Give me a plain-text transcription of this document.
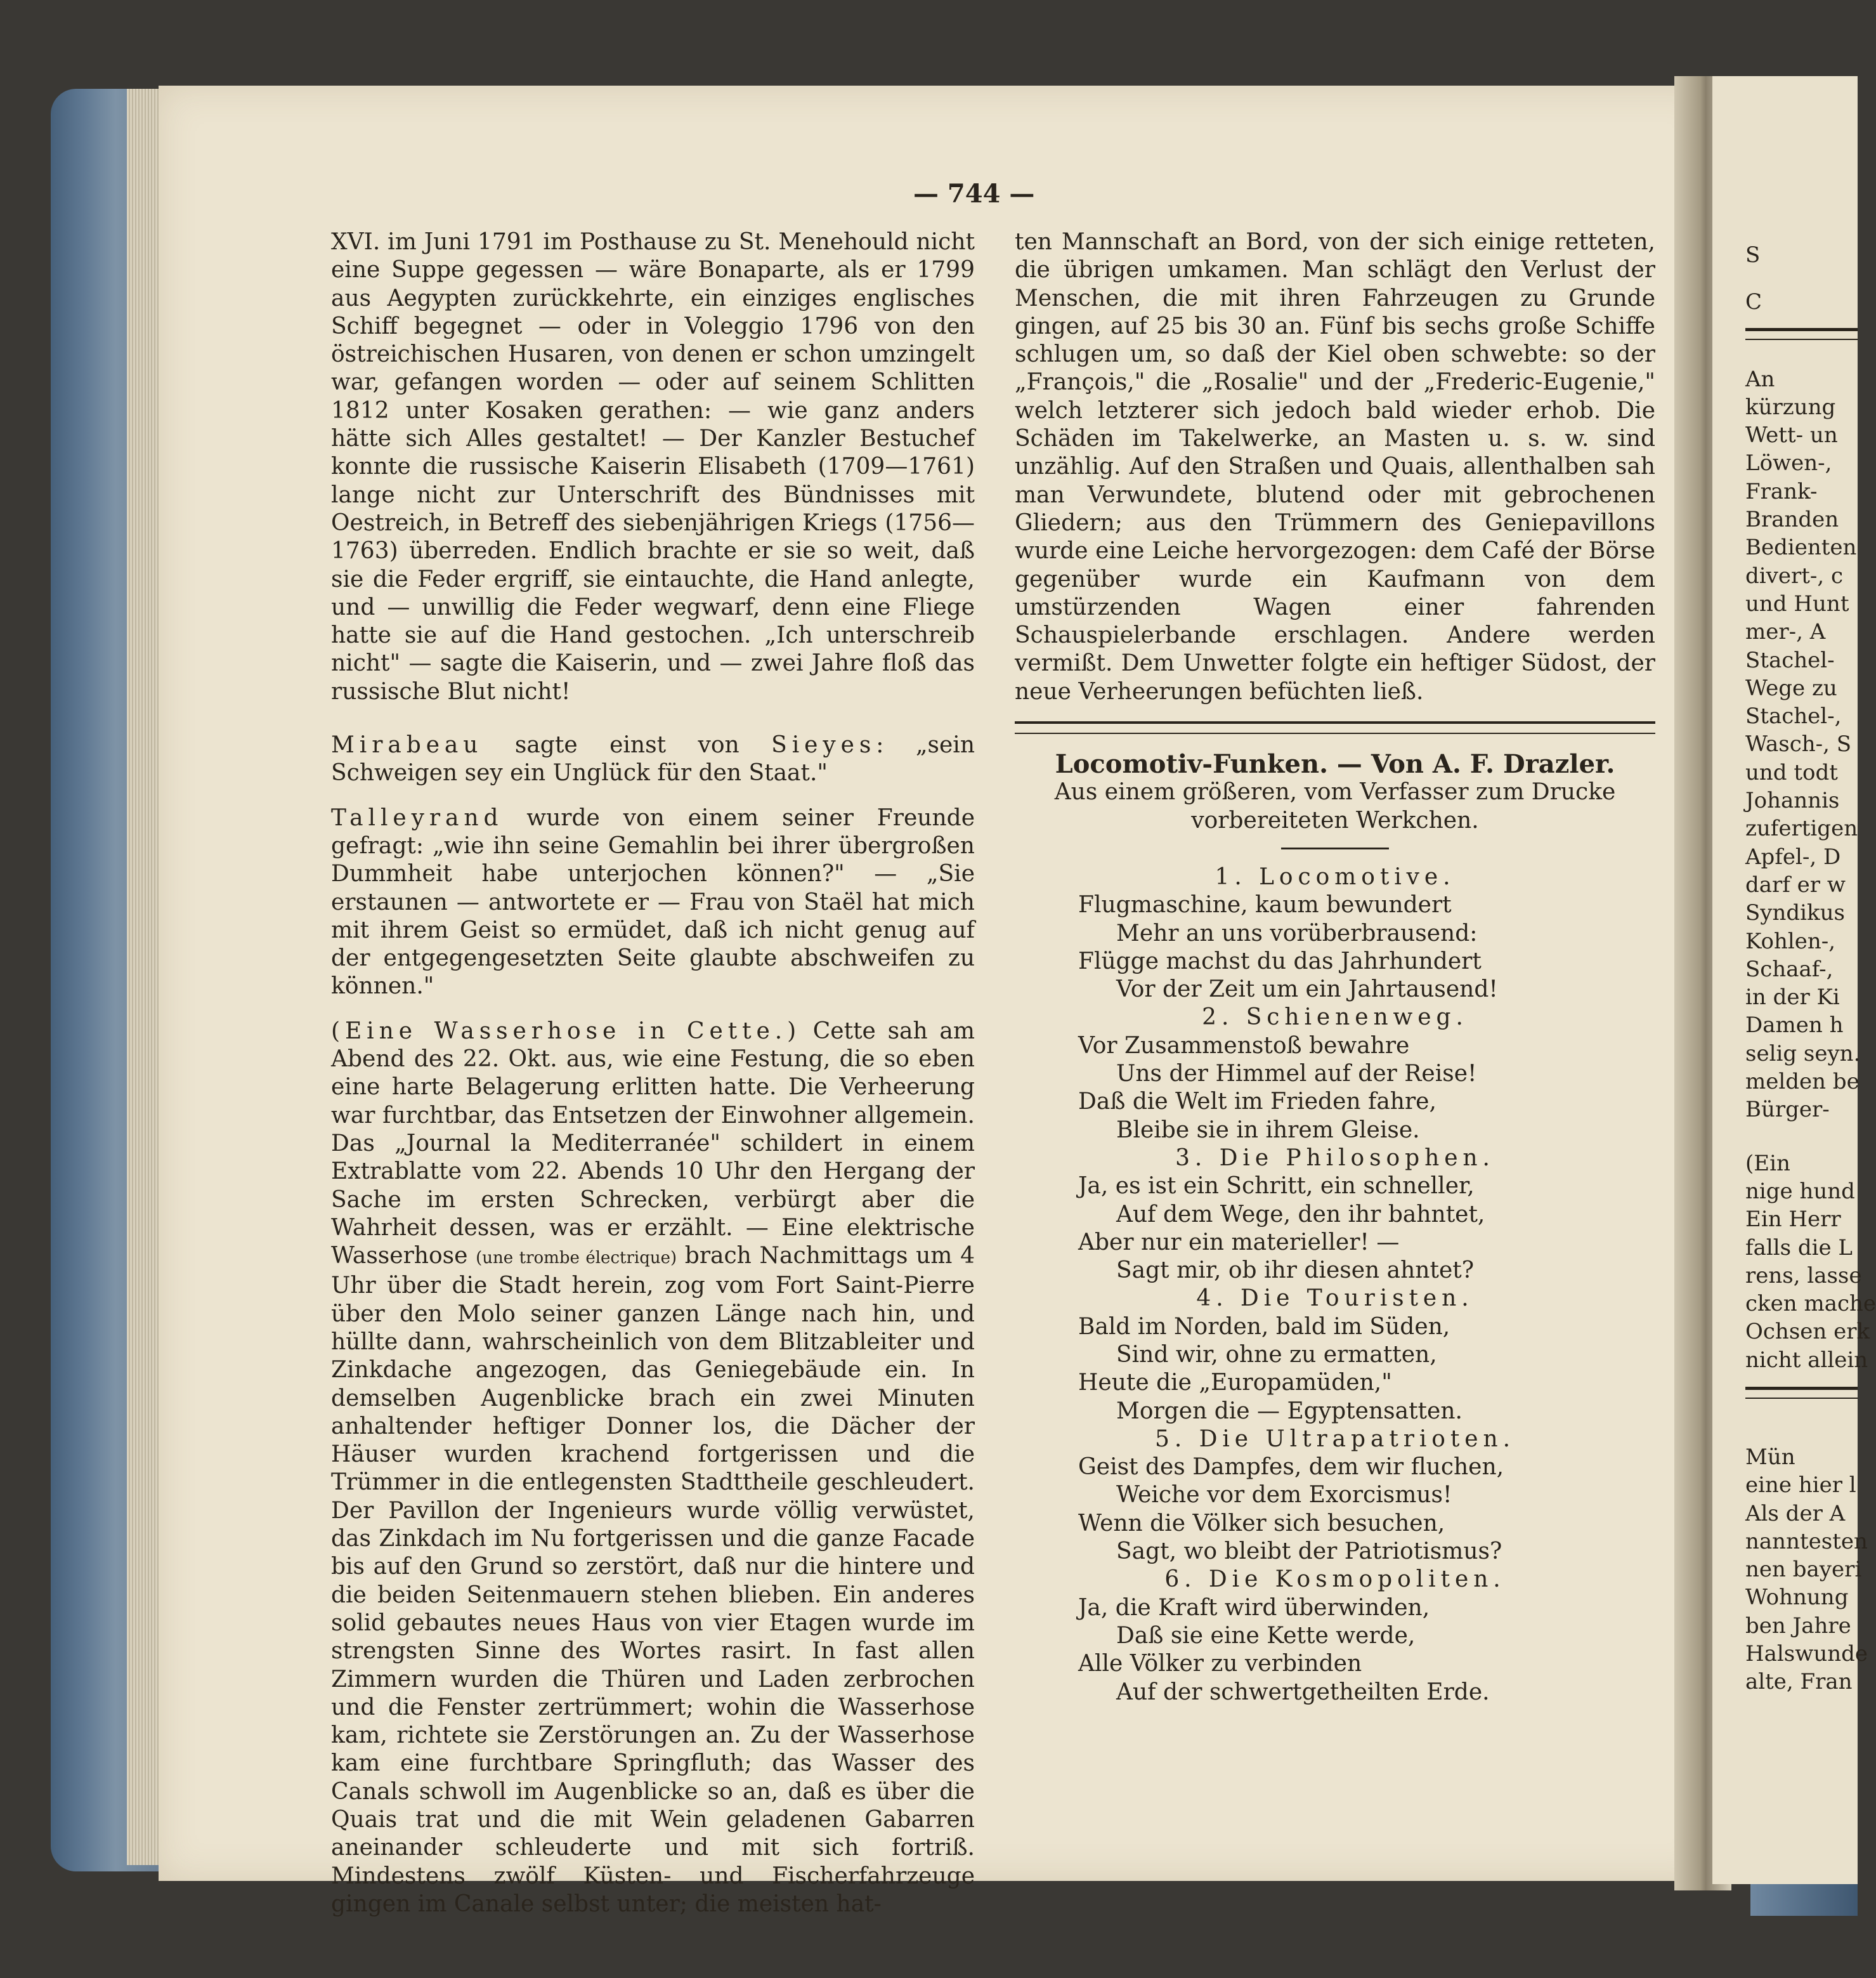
— 744 —

XVI. im Juni 1791 im Posthause zu St. Menehould nicht eine Suppe gegessen — wäre Bonaparte, als er 1799 aus Aegypten zurückkehrte, ein einziges englisches Schiff begegnet — oder in Voleggio 1796 von den östreichischen Husaren, von denen er schon umzingelt war, gefangen worden — oder auf seinem Schlitten 1812 unter Kosaken gerathen: — wie ganz anders hätte sich Alles gestaltet! — Der Kanzler Bestuchef konnte die russische Kaiserin Elisabeth (1709—1761) lange nicht zur Unterschrift des Bündnisses mit Oestreich, in Betreff des siebenjährigen Kriegs (1756—1763) überreden. Endlich brachte er sie so weit, daß sie die Feder ergriff, sie eintauchte, die Hand anlegte, und — unwillig die Feder wegwarf, denn eine Fliege hatte sie auf die Hand gestochen. „Ich unterschreib nicht" — sagte die Kaiserin, und — zwei Jahre floß das russische Blut nicht!

Mirabeau sagte einst von Sieyes: „sein Schweigen sey ein Unglück für den Staat."

Talleyrand wurde von einem seiner Freunde gefragt: „wie ihn seine Gemahlin bei ihrer übergroßen Dummheit habe unterjochen können?" — „Sie erstaunen — antwortete er — Frau von Staël hat mich mit ihrem Geist so ermüdet, daß ich nicht genug auf der entgegengesetzten Seite glaubte abschweifen zu können."

(Eine Wasserhose in Cette.) Cette sah am Abend des 22. Okt. aus, wie eine Festung, die so eben eine harte Belagerung erlitten hatte. Die Verheerung war furchtbar, das Entsetzen der Einwohner allgemein. Das „Journal la Mediterranée" schildert in einem Extrablatte vom 22. Abends 10 Uhr den Hergang der Sache im ersten Schrecken, verbürgt aber die Wahrheit dessen, was er erzählt. — Eine elektrische Wasserhose (une trombe électrique) brach Nachmittags um 4 Uhr über die Stadt herein, zog vom Fort Saint-Pierre über den Molo seiner ganzen Länge nach hin, und hüllte dann, wahrscheinlich von dem Blitzableiter und Zinkdache angezogen, das Geniegebäude ein. In demselben Augenblicke brach ein zwei Minuten anhaltender heftiger Donner los, die Dächer der Häuser wurden krachend fortgerissen und die Trümmer in die entlegensten Stadttheile geschleudert. Der Pavillon der Ingenieurs wurde völlig verwüstet, das Zinkdach im Nu fortgerissen und die ganze Facade bis auf den Grund so zerstört, daß nur die hintere und die beiden Seitenmauern stehen blieben. Ein anderes solid gebautes neues Haus von vier Etagen wurde im strengsten Sinne des Wortes rasirt. In fast allen Zimmern wurden die Thüren und Laden zerbrochen und die Fenster zertrümmert; wohin die Wasserhose kam, richtete sie Zerstörungen an. Zu der Wasserhose kam eine furchtbare Springfluth; das Wasser des Canals schwoll im Augenblicke so an, daß es über die Quais trat und die mit Wein geladenen Gabarren aneinander schleuderte und mit sich fortriß. Mindestens zwölf Küsten- und Fischerfahrzeuge gingen im Canale selbst unter; die meisten hat-

ten Mannschaft an Bord, von der sich einige retteten, die übrigen umkamen. Man schlägt den Verlust der Menschen, die mit ihren Fahrzeugen zu Grunde gingen, auf 25 bis 30 an. Fünf bis sechs große Schiffe schlugen um, so daß der Kiel oben schwebte: so der „François," die „Rosalie" und der „Frederic-Eugenie," welch letzterer sich jedoch bald wieder erhob. Die Schäden im Takelwerke, an Masten u. s. w. sind unzählig. Auf den Straßen und Quais, allenthalben sah man Verwundete, blutend oder mit gebrochenen Gliedern; aus den Trümmern des Geniepavillons wurde eine Leiche hervorgezogen: dem Café der Börse gegenüber wurde ein Kaufmann von dem umstürzenden Wagen einer fahrenden Schauspielerbande erschlagen. Andere werden vermißt. Dem Unwetter folgte ein heftiger Südost, der neue Verheerungen befüchten ließ.

Locomotiv-Funken. — Von A. F. Drazler.

Aus einem größeren, vom Verfasser zum Drucke vorbereiteten Werkchen.

1. Locomotive.

Flugmaschine, kaum bewundert

Mehr an uns vorüberbrausend:

Flügge machst du das Jahrhundert

Vor der Zeit um ein Jahrtausend!

2. Schienenweg.

Vor Zusammenstoß bewahre

Uns der Himmel auf der Reise!

Daß die Welt im Frieden fahre,

Bleibe sie in ihrem Gleise.

3. Die Philosophen.

Ja, es ist ein Schritt, ein schneller,

Auf dem Wege, den ihr bahntet,

Aber nur ein materieller! —

Sagt mir, ob ihr diesen ahntet?

4. Die Touristen.

Bald im Norden, bald im Süden,

Sind wir, ohne zu ermatten,

Heute die „Europamüden,"

Morgen die — Egyptensatten.

5. Die Ultrapatrioten.

Geist des Dampfes, dem wir fluchen,

Weiche vor dem Exorcismus!

Wenn die Völker sich besuchen,

Sagt, wo bleibt der Patriotismus?

6. Die Kosmopoliten.

Ja, die Kraft wird überwinden,

Daß sie eine Kette werde,

Alle Völker zu verbinden

Auf der schwertgetheilten Erde.

S

C

An

kürzung

Wett- un

Löwen-,

Frank-

Branden

Bedienten

divert-, c

und Hunt

mer-, A

Stachel-

Wege zu

Stachel-,

Wasch-, S

und todt

Johannis

zufertigen

Apfel-, D

darf er w

Syndikus

Kohlen-,

Schaaf-,

in der Ki

Damen h

selig seyn.

melden be

Bürger-

(Ein

nige hund

Ein Herr

falls die L

rens, lasse

cken mache

Ochsen erk

nicht allein

Mün

eine hier l

Als der A

nanntesten

nen bayeri

Wohnung

ben Jahre

Halswunde

alte, Fran
